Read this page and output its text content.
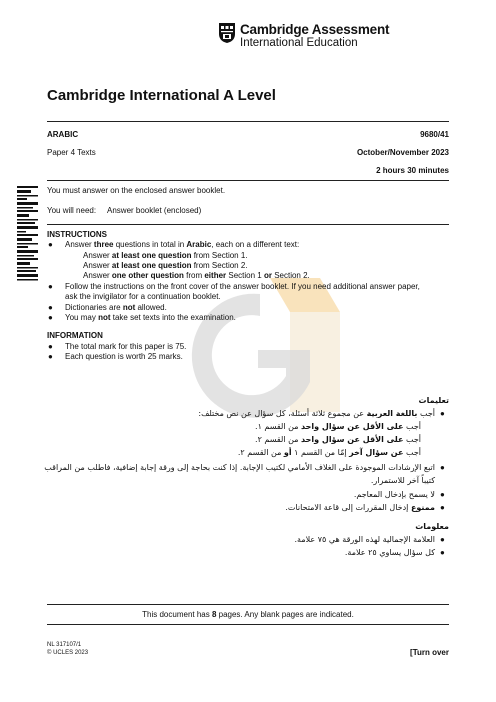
Cambridge Assessment
International Education
Cambridge International A Level
ARABIC	9680/41
Paper 4 Texts	October/November 2023
2 hours 30 minutes
You must answer on the enclosed answer booklet.
You will need: Answer booklet (enclosed)
INSTRUCTIONS
● Answer three questions in total in Arabic, each on a different text:
Answer at least one question from Section 1.
Answer at least one question from Section 2.
Answer one other question from either Section 1 or Section 2.
● Follow the instructions on the front cover of the answer booklet. If you need additional answer paper,
ask the invigilator for a continuation booklet.
● Dictionaries are not allowed.
● You may not take set texts into the examination.
INFORMATION
● The total mark for this paper is 75.
● Each question is worth 25 marks.
تعليمات
●
أجب باللغة العربية عن مجموع ثلاثة أسئلة، كل سؤال عن نص مختلف:
أجب على الأقل عن سؤال واحد من القسم ١.
أجب على الأقل عن سؤال واحد من القسم ٢.
أجب عن سؤال آخر إمّا من القسم ١ أو من القسم ٢.
●
اتبع الإرشادات الموجودة على الغلاف الأمامي لكتيب الإجابة. إذا كنت بحاجة إلى ورقة إجابة إضافية، فاطلب من المراقب
كتيباً آخر للاستمرار.
●
لا يسمح بإدخال المعاجم.
●
ممنوع إدخال المقررات إلى قاعة الامتحانات.
معلومات
●
العلامة الإجمالية لهذه الورقة هي ٧٥ علامة.
●
كل سؤال يساوي ٢٥ علامة.
This document has 8 pages. Any blank pages are indicated.
NL 317107/1
© UCLES 2023	[Turn over
